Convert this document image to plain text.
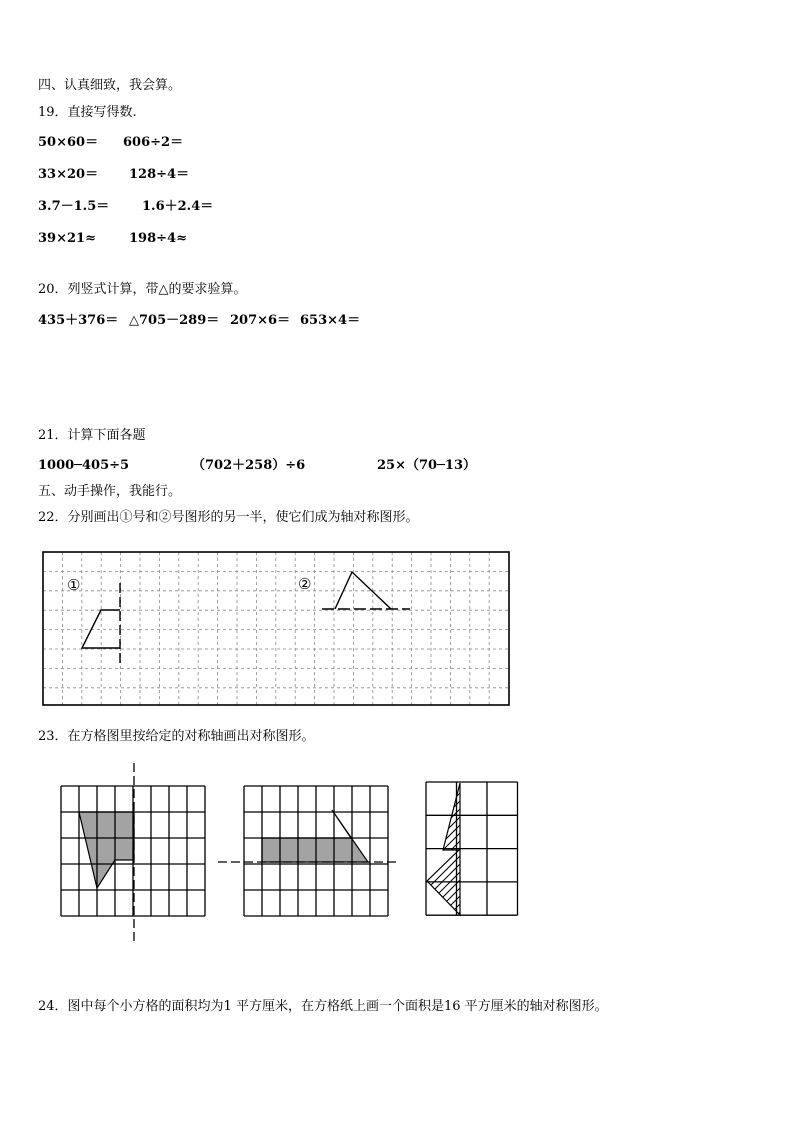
四、认真细致，我会算。
19．直接写得数.
50×60＝ 606÷2＝
33×20＝ 128÷4＝
3.7－1.5＝	1.6＋2.4＝
39×21≈	198÷4≈
20．列竖式计算，带△的要求验算。
435＋376＝ △705－289＝ 207×6＝ 653×4＝
21．计算下面各题
1000─405÷5	（702＋258）÷6	25×（70─13）
五、动手操作，我能行。
22．分别画出①号和②号图形的另一半，使它们成为轴对称图形。
①	②
23．在方格图里按给定的对称轴画出对称图形。
24．图中每个小方格的面积均为1 平方厘米，在方格纸上画一个面积是16 平方厘米的轴对称图形。
